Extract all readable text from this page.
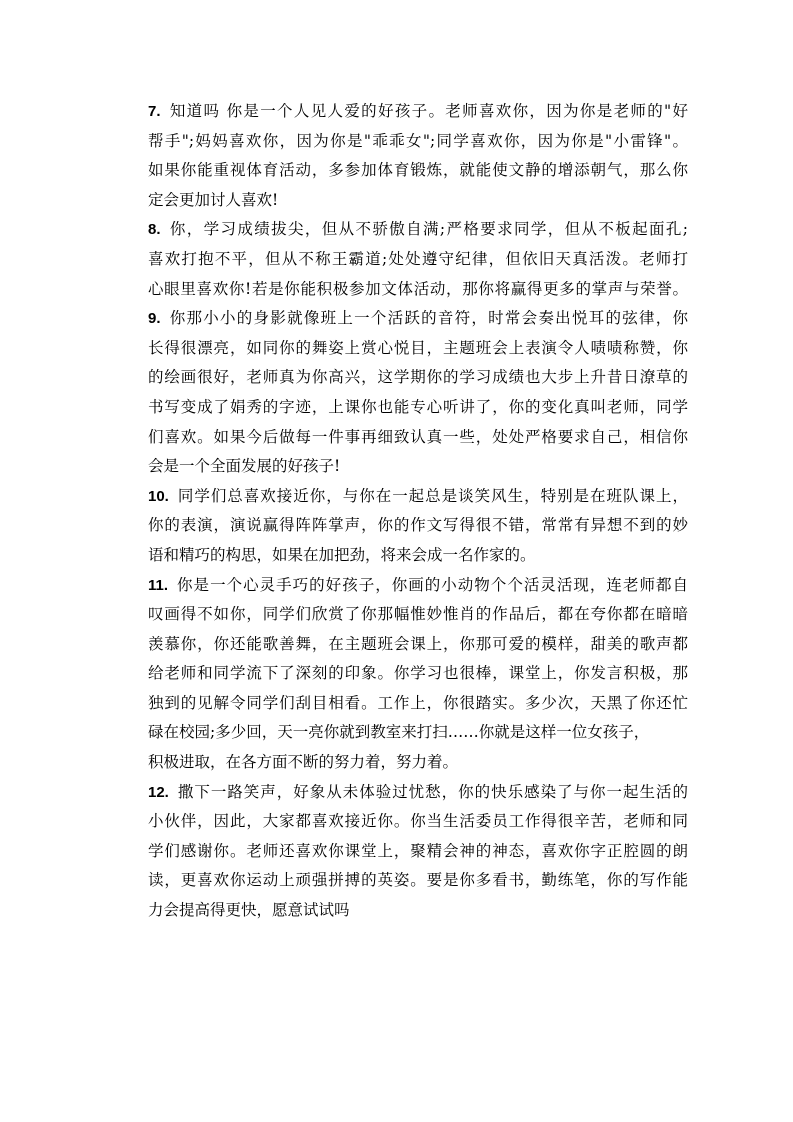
7. 知道吗 你是一个人见人爱的好孩子。老师喜欢你，因为你是老师的"好
帮手";妈妈喜欢你，因为你是"乖乖女";同学喜欢你，因为你是"小雷锋"。
如果你能重视体育活动，多参加体育锻炼，就能使文静的增添朝气，那么你
定会更加讨人喜欢!
8. 你，学习成绩拔尖，但从不骄傲自满;严格要求同学，但从不板起面孔;
喜欢打抱不平，但从不称王霸道;处处遵守纪律，但依旧天真活泼。老师打
心眼里喜欢你!若是你能积极参加文体活动，那你将赢得更多的掌声与荣誉。
9. 你那小小的身影就像班上一个活跃的音符，时常会奏出悦耳的弦律，你
长得很漂亮，如同你的舞姿上赏心悦目，主题班会上表演令人啧啧称赞，你
的绘画很好，老师真为你高兴，这学期你的学习成绩也大步上升昔日潦草的
书写变成了娟秀的字迹，上课你也能专心听讲了，你的变化真叫老师，同学
们喜欢。如果今后做每一件事再细致认真一些，处处严格要求自己，相信你
会是一个全面发展的好孩子!
10. 同学们总喜欢接近你，与你在一起总是谈笑风生，特别是在班队课上，
你的表演，演说赢得阵阵掌声，你的作文写得很不错，常常有异想不到的妙
语和精巧的构思，如果在加把劲，将来会成一名作家的。
11. 你是一个心灵手巧的好孩子，你画的小动物个个活灵活现，连老师都自
叹画得不如你，同学们欣赏了你那幅惟妙惟肖的作品后，都在夸你都在暗暗
羡慕你，你还能歌善舞，在主题班会课上，你那可爱的模样，甜美的歌声都
给老师和同学流下了深刻的印象。你学习也很棒，课堂上，你发言积极，那
独到的见解令同学们刮目相看。工作上，你很踏实。多少次，天黑了你还忙
碌在校园;多少回，天一亮你就到教室来打扫……你就是这样一位女孩子，
积极进取，在各方面不断的努力着，努力着。
12. 撒下一路笑声，好象从未体验过忧愁，你的快乐感染了与你一起生活的
小伙伴，因此，大家都喜欢接近你。你当生活委员工作得很辛苦，老师和同
学们感谢你。老师还喜欢你课堂上，聚精会神的神态，喜欢你字正腔圆的朗
读，更喜欢你运动上顽强拼搏的英姿。要是你多看书，勤练笔，你的写作能
力会提高得更快，愿意试试吗
